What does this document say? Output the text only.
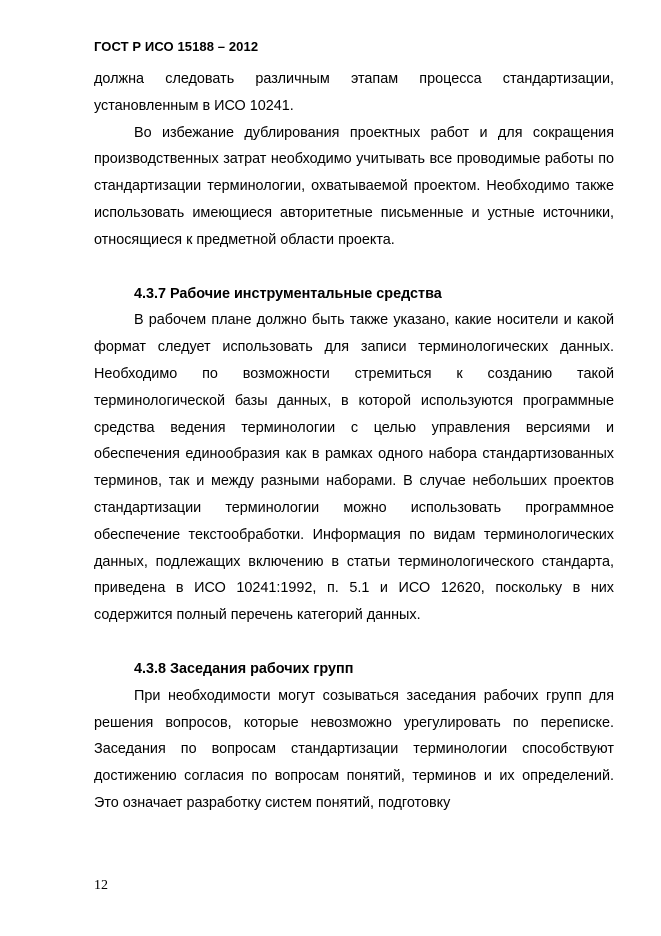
ГОСТ Р ИСО 15188 – 2012

должна следовать различным этапам процесса стандартизации, установленным в ИСО 10241.

Во избежание дублирования проектных работ и для сокращения производственных затрат необходимо учитывать все проводимые работы по стандартизации терминологии, охватываемой проектом. Необходимо также использовать имеющиеся авторитетные письменные и устные источники, относящиеся к предметной области проекта.

4.3.7 Рабочие инструментальные средства

В рабочем плане должно быть также указано, какие носители и какой формат следует использовать для записи терминологических данных. Необходимо по возможности стремиться к созданию такой терминологической базы данных, в которой используются программные средства ведения терминологии с целью управления версиями и обеспечения единообразия как в рамках одного набора стандартизованных терминов, так и между разными наборами. В случае небольших проектов стандартизации терминологии можно использовать программное обеспечение текстообработки. Информация по видам терминологических данных, подлежащих включению в статьи терминологического стандарта, приведена в ИСО 10241:1992, п. 5.1 и ИСО 12620, поскольку в них содержится полный перечень категорий данных.

4.3.8 Заседания рабочих групп

При необходимости могут созываться заседания рабочих групп для решения вопросов, которые невозможно урегулировать по переписке. Заседания по вопросам стандартизации терминологии способствуют достижению согласия по вопросам понятий, терминов и их определений. Это означает разработку систем понятий, подготовку

12
